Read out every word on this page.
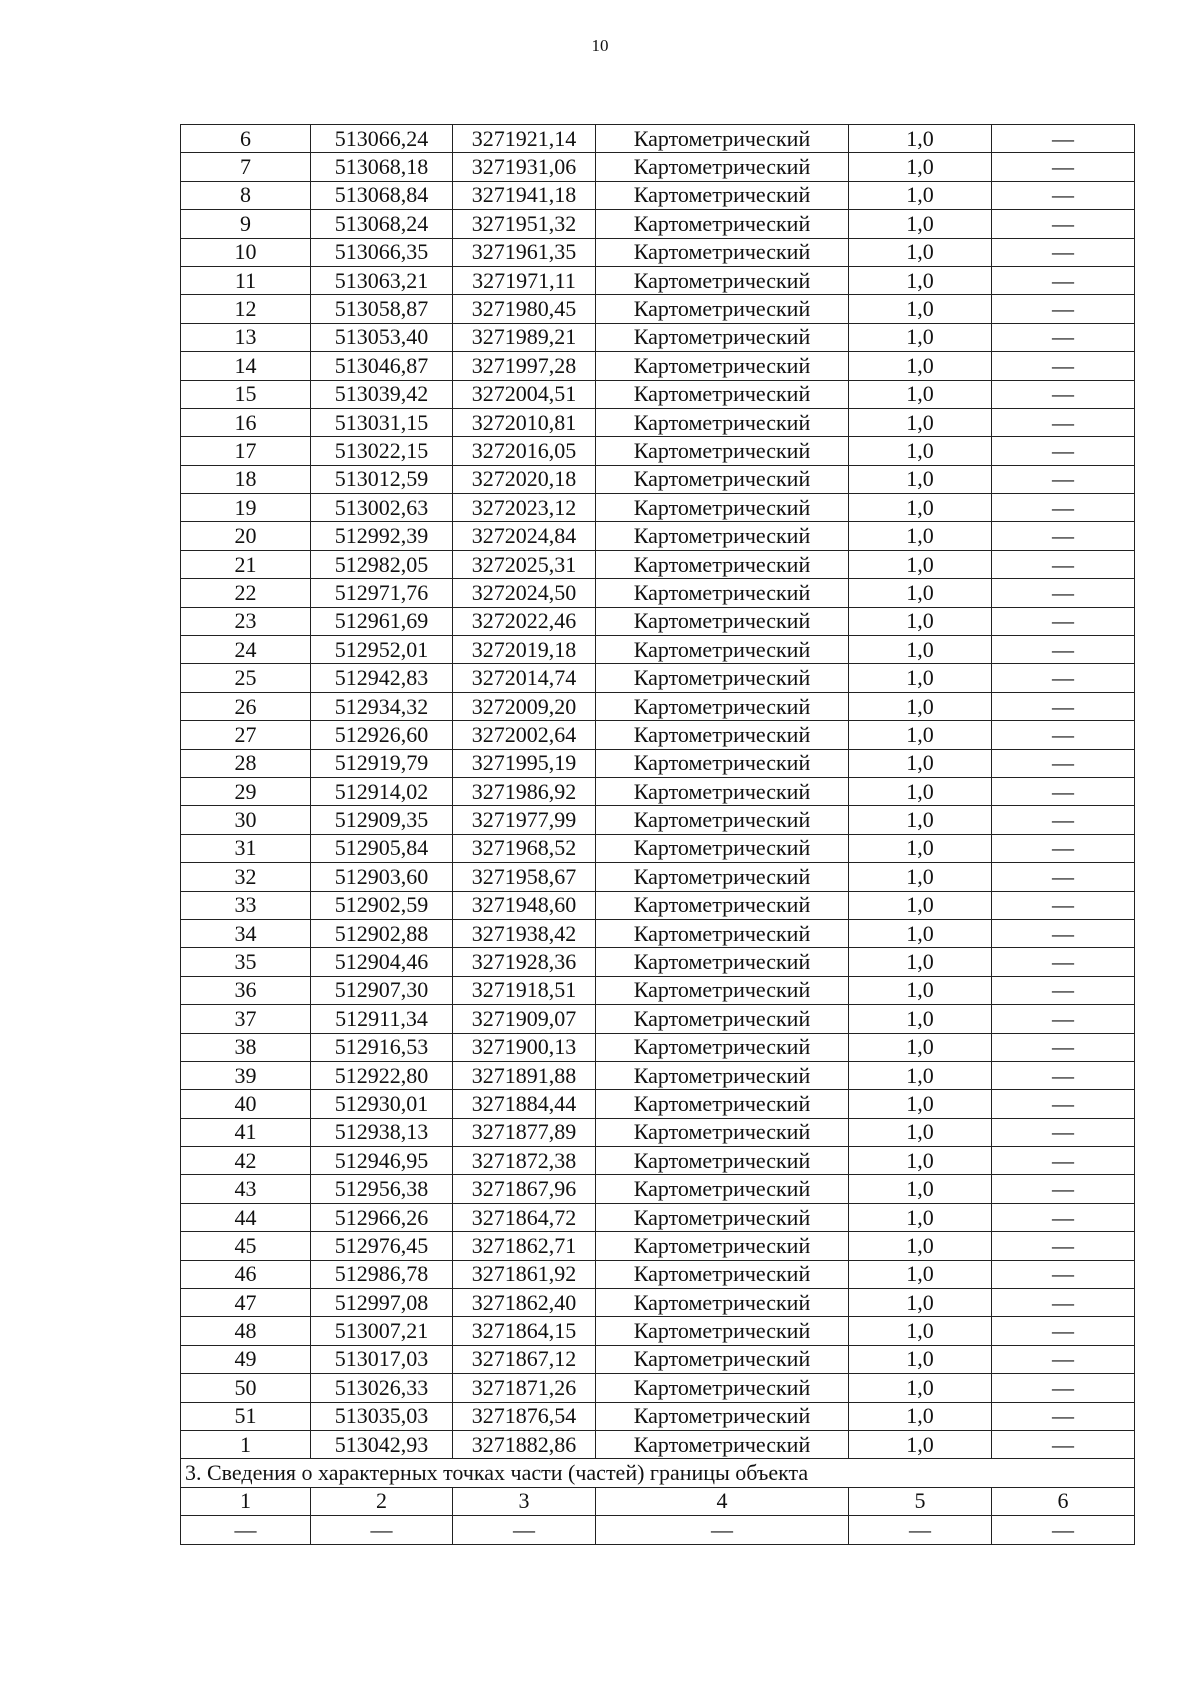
10
6	513066,24	3271921,14	Картометрический	1,0	—
7	513068,18	3271931,06	Картометрический	1,0	—
8	513068,84	3271941,18	Картометрический	1,0	—
9	513068,24	3271951,32	Картометрический	1,0	—
10	513066,35	3271961,35	Картометрический	1,0	—
11	513063,21	3271971,11	Картометрический	1,0	—
12	513058,87	3271980,45	Картометрический	1,0	—
13	513053,40	3271989,21	Картометрический	1,0	—
14	513046,87	3271997,28	Картометрический	1,0	—
15	513039,42	3272004,51	Картометрический	1,0	—
16	513031,15	3272010,81	Картометрический	1,0	—
17	513022,15	3272016,05	Картометрический	1,0	—
18	513012,59	3272020,18	Картометрический	1,0	—
19	513002,63	3272023,12	Картометрический	1,0	—
20	512992,39	3272024,84	Картометрический	1,0	—
21	512982,05	3272025,31	Картометрический	1,0	—
22	512971,76	3272024,50	Картометрический	1,0	—
23	512961,69	3272022,46	Картометрический	1,0	—
24	512952,01	3272019,18	Картометрический	1,0	—
25	512942,83	3272014,74	Картометрический	1,0	—
26	512934,32	3272009,20	Картометрический	1,0	—
27	512926,60	3272002,64	Картометрический	1,0	—
28	512919,79	3271995,19	Картометрический	1,0	—
29	512914,02	3271986,92	Картометрический	1,0	—
30	512909,35	3271977,99	Картометрический	1,0	—
31	512905,84	3271968,52	Картометрический	1,0	—
32	512903,60	3271958,67	Картометрический	1,0	—
33	512902,59	3271948,60	Картометрический	1,0	—
34	512902,88	3271938,42	Картометрический	1,0	—
35	512904,46	3271928,36	Картометрический	1,0	—
36	512907,30	3271918,51	Картометрический	1,0	—
37	512911,34	3271909,07	Картометрический	1,0	—
38	512916,53	3271900,13	Картометрический	1,0	—
39	512922,80	3271891,88	Картометрический	1,0	—
40	512930,01	3271884,44	Картометрический	1,0	—
41	512938,13	3271877,89	Картометрический	1,0	—
42	512946,95	3271872,38	Картометрический	1,0	—
43	512956,38	3271867,96	Картометрический	1,0	—
44	512966,26	3271864,72	Картометрический	1,0	—
45	512976,45	3271862,71	Картометрический	1,0	—
46	512986,78	3271861,92	Картометрический	1,0	—
47	512997,08	3271862,40	Картометрический	1,0	—
48	513007,21	3271864,15	Картометрический	1,0	—
49	513017,03	3271867,12	Картометрический	1,0	—
50	513026,33	3271871,26	Картометрический	1,0	—
51	513035,03	3271876,54	Картометрический	1,0	—
1	513042,93	3271882,86	Картометрический	1,0	—
3. Сведения о характерных точках части (частей) границы объекта					
1	2	3	4	5	6
—	—	—	—	—	—
